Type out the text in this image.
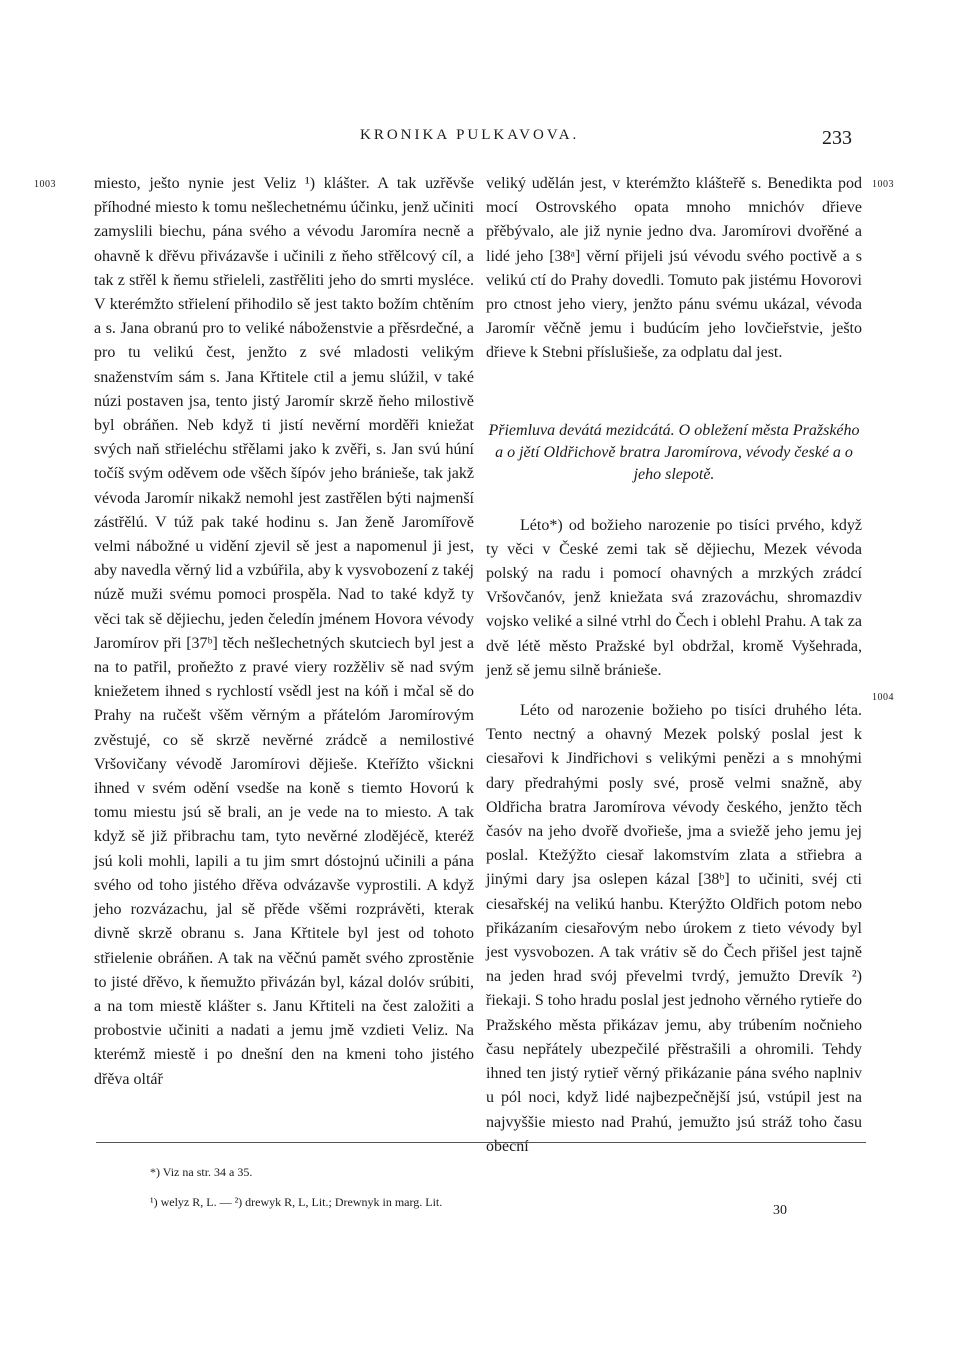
KRONIKA PULKAVOVA.	233
1003	1003
1004

miesto, ješto nynie jest Veliz ¹) klášter. A tak uzřěvše příhodné miesto k tomu nešlechetnému účinku, jenž učiniti zamyslili biechu, pána svého a vévodu Jaromíra necně a ohavně k dřěvu přivázavše i učinili z ňeho střělcový cíl, a tak z střěl k ňemu střieleli, zastřěliti jeho do smrti mysléce. V kterémžto střielení přihodilo sě jest takto božím chtěním a s. Jana obranú pro to veliké náboženstvie a přěsrdečné, a pro tu velikú čest, jenžto z své mladosti velikým snaženstvím sám s. Jana Křtitele ctil a jemu slúžil, v také núzi postaven jsa, tento jistý Jaromír skrzě ňeho milostivě byl obráňen. Neb když ti jistí nevěrní morděři kniežat svých naň střieléchu střělami jako k zvěři, s. Jan svú húní točíš svým oděvem ode všěch šípóv jeho brániešе, tak jakž vévoda Jaromír nikakž nemohl jest zastřělen býti najmenší zástřělú. V túž pak také hodinu s. Jan ženě Jaromířově velmi nábožné u vidění zjevil sě jest a napomenul ji jest, aby navedla věrný lid a vzbúřila, aby k vysvobození z takéj núzě muži svému pomoci prospěla. Nad to také když ty věci tak sě dějiechu, jeden čeledín jménem Hovora vévody Jaromírov při [37ᵇ] těch nešlechetných skutciech byl jest a na to patřil, proňežto z pravé viery rozžěliv sě nad svým kniežetem ihned s rychlostí vsědl jest na kóň i mčal sě do Prahy na ručešt všěm věrným a přátelóm Jaromírovým zvěstujé, co sě skrzě nevěrné zrádcě a nemilostivé Vršovičany vévodě Jaromírovi dějieše. Kteřížto všickni ihned v svém odění vsedše na koně s tiemto Hovorú k tomu miestu jsú sě brali, an je vede na to miesto. A tak když sě již přibrachu tam, tyto nevěrné zlodějécě, kteréž jsú koli mohli, lapili a tu jim smrt dóstojnú učinili a pána svého od toho jistého dřěva odvázavše vyprostili. A když jeho rozvázachu, jal sě přěde všěmi rozprávěti, kterak divně skrzě obranu s. Jana Křtitele byl jest od tohoto střielenie obráňen. A tak na věčnú pamět svého zprostěnie to jisté dřěvo, k ňemužto přivázán byl, kázal dolóv srúbiti, a na tom miestě klášter s. Janu Křtiteli na čest založiti a probostvie učiniti a nadati a jemu jmě vzdieti Veliz. Na kterémž miestě i po dnešní den na kmeni toho jistého dřěva oltář

veliký udělán jest, v kterémžto klášteřě s. Benedikta pod mocí Ostrovského opata mnoho mnichóv dřieve přěbývalo, ale již nynie jedno dva. Jaromírovi dvořěné a lidé jeho [38ᵃ] věrní přijeli jsú vévodu svého poctivě a s velikú ctí do Prahy dovedli. Tomuto pak jistému Hovorovi pro ctnost jeho viery, jenžto pánu svému ukázal, vévoda Jaromír věčně jemu i budúcím jeho lovčieřstvie, ješto dřieve k Stebni příslušieše, za odplatu dal jest.

Přiemluva devátá mezidcátá. O obležení města Pražského a o jětí Oldřichově bratra Jaromírova, vévody české a o jeho slepotě.

Léto*) od božieho narozenie po tisíci prvého, když ty věci v České zemi tak sě dějiechu, Mezek vévoda polský na radu i pomocí ohavných a mrzkých zrádcí Vršovčanóv, jenž kniežata svá zrazováchu, shromazdiv vojsko veliké a silné vtrhl do Čech i oblehl Prahu. A tak za dvě létě město Pražské byl obdržal, kromě Vyšehrada, jenž sě jemu silně brániešе.

Léto od narozenie božieho po tisíci druhého léta. Tento nectný a ohavný Mezek polský poslal jest k ciesařovi k Jindřichovi s velikými penězi a s mnohými dary předrahými posly své, prosě velmi snažně, aby Oldřicha bratra Jaromírova vévody českého, jenžto těch časóv na jeho dvořě dvořieše, jma a sviežě jeho jemu jej poslal. Ktežýžto ciesař lakomstvím zlata a střiebra a jinými dary jsa oslepen kázal [38ᵇ] to učiniti, svéj cti ciesařskéj na velikú hanbu. Kterýžto Oldřich potom nebo přikázaním ciesařovým nebo úrokem z tieto vévody byl jest vysvobozen. A tak vrátiv sě do Čech přišel jest tajně na jeden hrad svój převelmi tvrdý, jemužto Drevík ²) řiekaji. S toho hradu poslal jest jednoho věrného rytieře do Pražského města přikázav jemu, aby trúbením nočnieho času nepřátely ubezpečilé přěstrašili a ohromili. Tehdy ihned ten jistý rytieř věrný přikázanie pána svého naplniv u pól noci, když lidé najbezpečnější jsú, vstúpil jest na najvyššie miesto nad Prahú, jemužto jsú stráž toho času obecní

*) Viz na str. 34 a 35.

¹) welyz R, L. — ²) drewyk R, L, Lit.; Drewnyk in marg. Lit.

30
